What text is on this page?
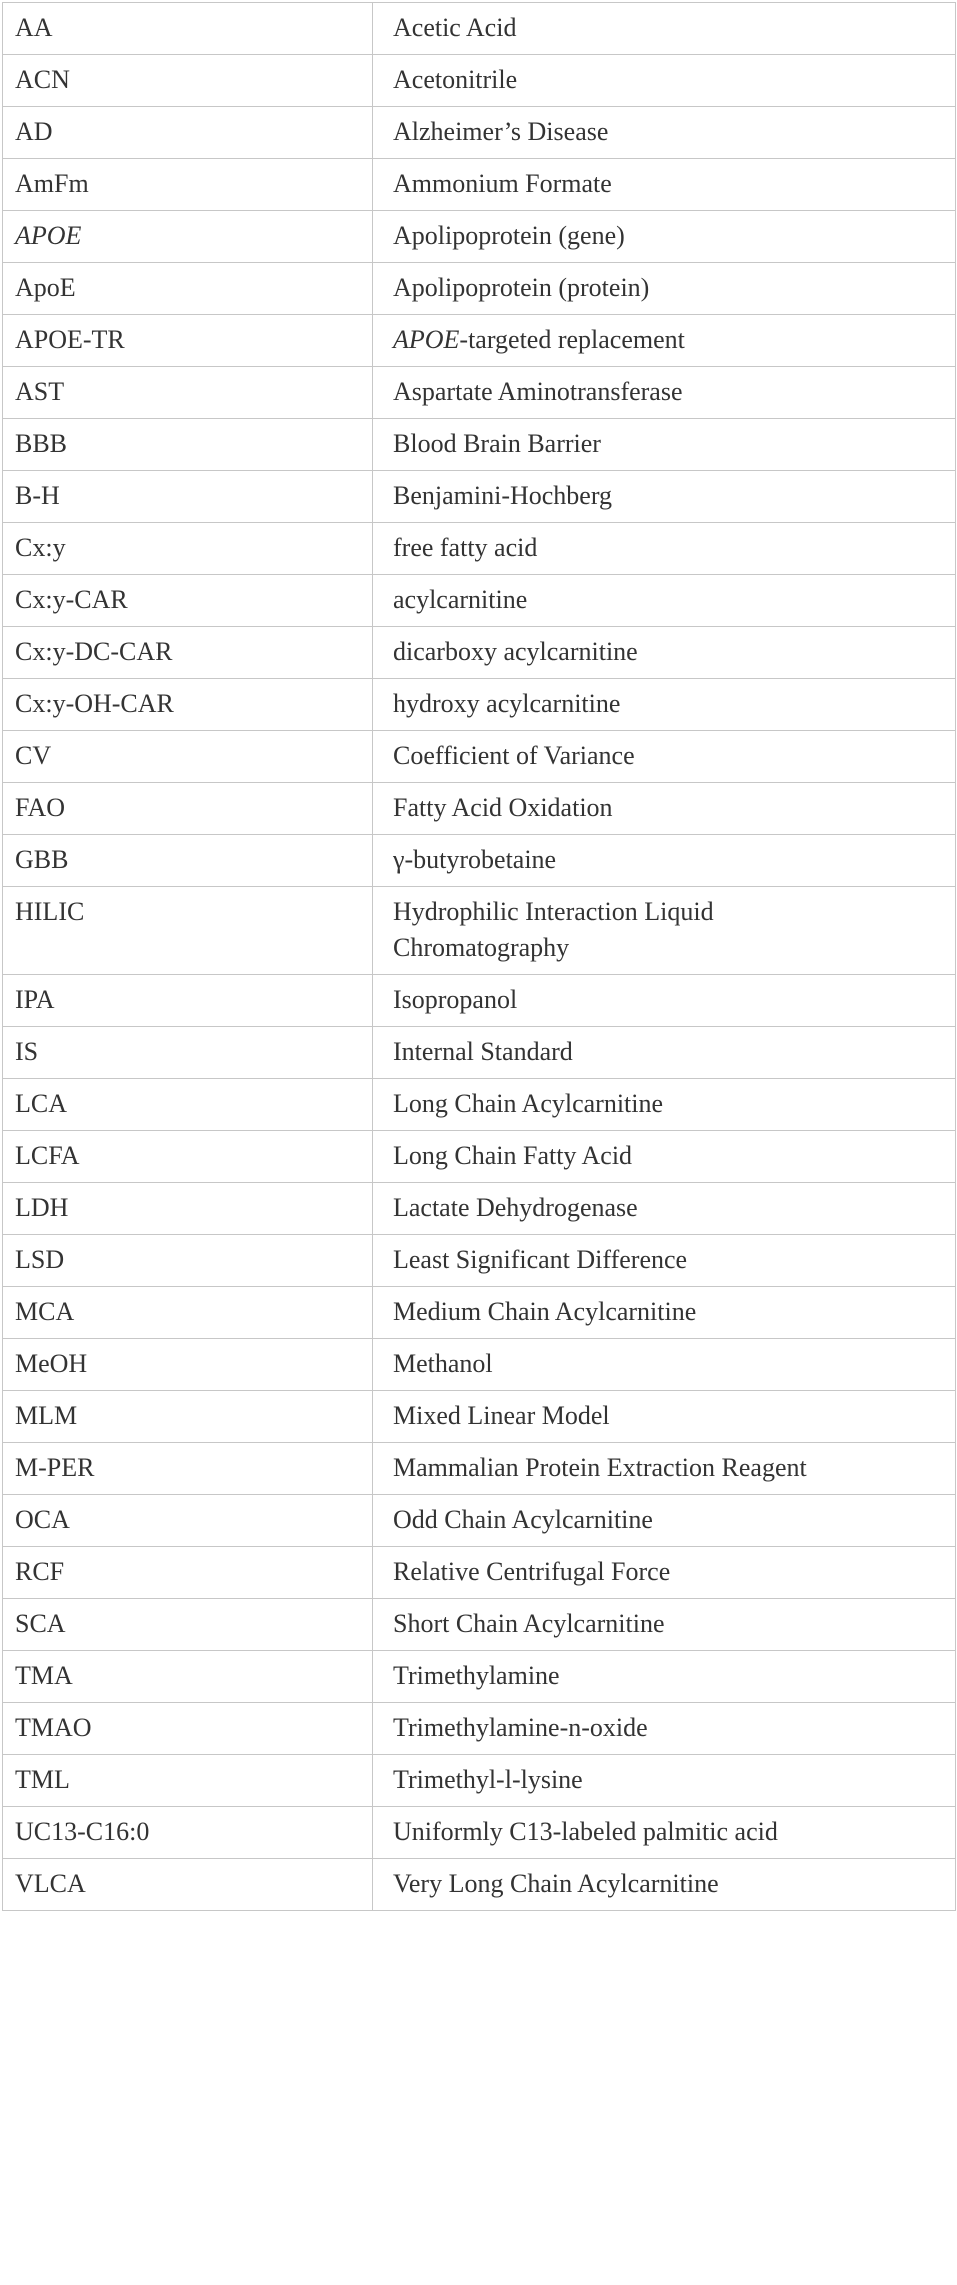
AA	Acetic Acid
ACN	Acetonitrile
AD	Alzheimer’s Disease
AmFm	Ammonium Formate
APOE	Apolipoprotein (gene)
ApoE	Apolipoprotein (protein)
APOE-TR	APOE-targeted replacement
AST	Aspartate Aminotransferase
BBB	Blood Brain Barrier
B-H	Benjamini-Hochberg
Cx:y	free fatty acid
Cx:y-CAR	acylcarnitine
Cx:y-DC-CAR	dicarboxy acylcarnitine
Cx:y-OH-CAR	hydroxy acylcarnitine
CV	Coefficient of Variance
FAO	Fatty Acid Oxidation
GBB	γ-butyrobetaine
HILIC	Hydrophilic Interaction Liquid
Chromatography
IPA	Isopropanol
IS	Internal Standard
LCA	Long Chain Acylcarnitine
LCFA	Long Chain Fatty Acid
LDH	Lactate Dehydrogenase
LSD	Least Significant Difference
MCA	Medium Chain Acylcarnitine
MeOH	Methanol
MLM	Mixed Linear Model
M-PER	Mammalian Protein Extraction Reagent
OCA	Odd Chain Acylcarnitine
RCF	Relative Centrifugal Force
SCA	Short Chain Acylcarnitine
TMA	Trimethylamine
TMAO	Trimethylamine-n-oxide
TML	Trimethyl-l-lysine
UC13-C16:0	Uniformly C13-labeled palmitic acid
VLCA	Very Long Chain Acylcarnitine
